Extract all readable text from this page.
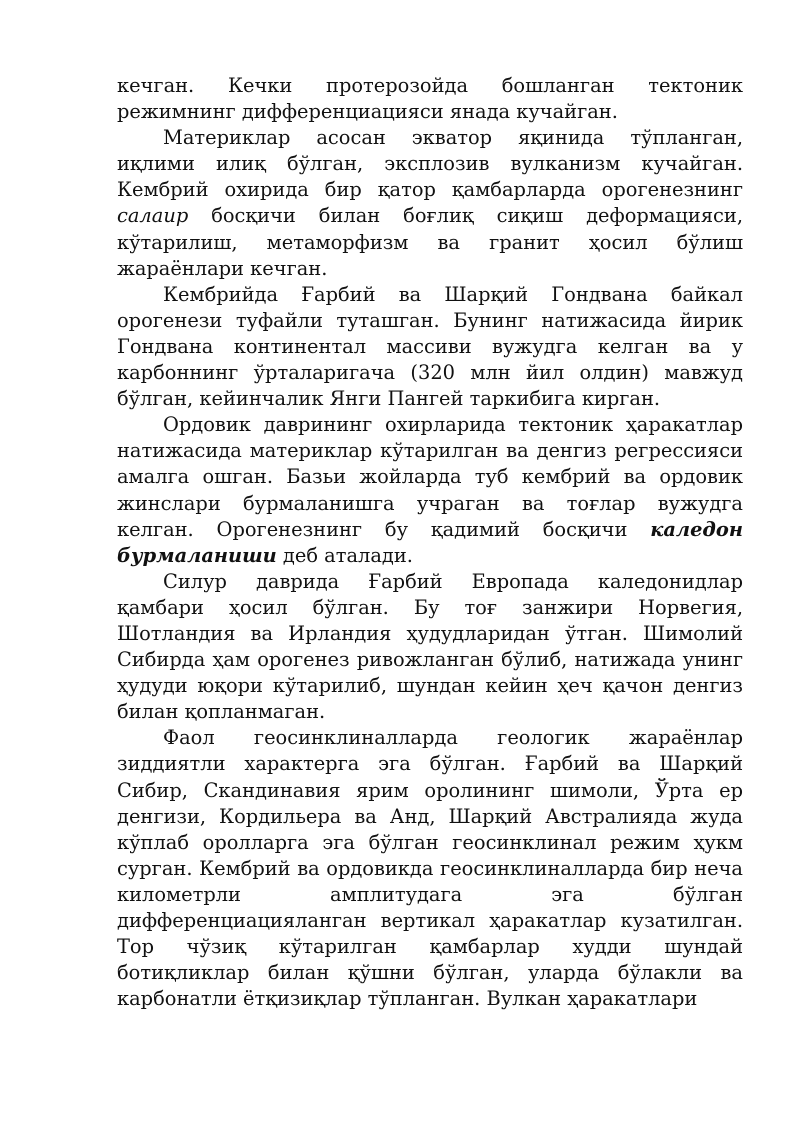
кечган. Кечки протерозойда бошланган тектоник режимнинг дифференциацияси янада кучайган.

Материклар асосан экватор яқинида тўпланган, иқлими илиқ бўлган, эксплозив вулканизм кучайган. Кембрий охирида бир қатор қамбарларда орогенезнинг салаир босқичи билан боғлиқ сиқиш деформацияси, кўтарилиш, метаморфизм ва гранит ҳосил бўлиш жараёнлари кечган.

Кембрийда Ғарбий ва Шарқий Гондвана байкал орогенези туфайли туташган. Бунинг натижасида йирик Гондвана континентал массиви вужудга келган ва у карбоннинг ўрталаригача (320 млн йил олдин) мавжуд бўлган, кейинчалик Янги Пангей таркибига кирган.

Ордовик даврининг охирларида тектоник ҳаракатлар натижасида материклар кўтарилган ва денгиз регрессияси амалга ошган. Базьи жойларда туб кембрий ва ордовик жинслари бурмаланишга учраган ва тоғлар вужудга келган. Орогенезнинг бу қадимий босқичи каледон бурмаланиши деб аталади.

Силур даврида Ғарбий Европада каледонидлар қамбари ҳосил бўлган. Бу тоғ занжири Норвегия, Шотландия ва Ирландия ҳудудларидан ўтган. Шимолий Сибирда ҳам орогенез ривожланган бўлиб, натижада унинг ҳудуди юқори кўтарилиб, шундан кейин ҳеч қачон денгиз билан қопланмаган.

Фаол геосинклиналларда геологик жараёнлар зиддиятли характерга эга бўлган. Ғарбий ва Шарқий Сибир, Скандинавия ярим оролининг шимоли, Ўрта ер денгизи, Кордильера ва Анд, Шарқий Австралияда жуда кўплаб оролларга эга бўлган геосинклинал режим ҳукм сурган. Кембрий ва ордовикда геосинклиналларда бир неча километрли амплитудага эга бўлган дифференциацияланган вертикал ҳаракатлар кузатилган. Тор чўзиқ кўтарилган қамбарлар худди шундай ботиқликлар билан қўшни бўлган, уларда бўлакли ва карбонатли ётқизиқлар тўпланган. Вулкан ҳаракатлари
